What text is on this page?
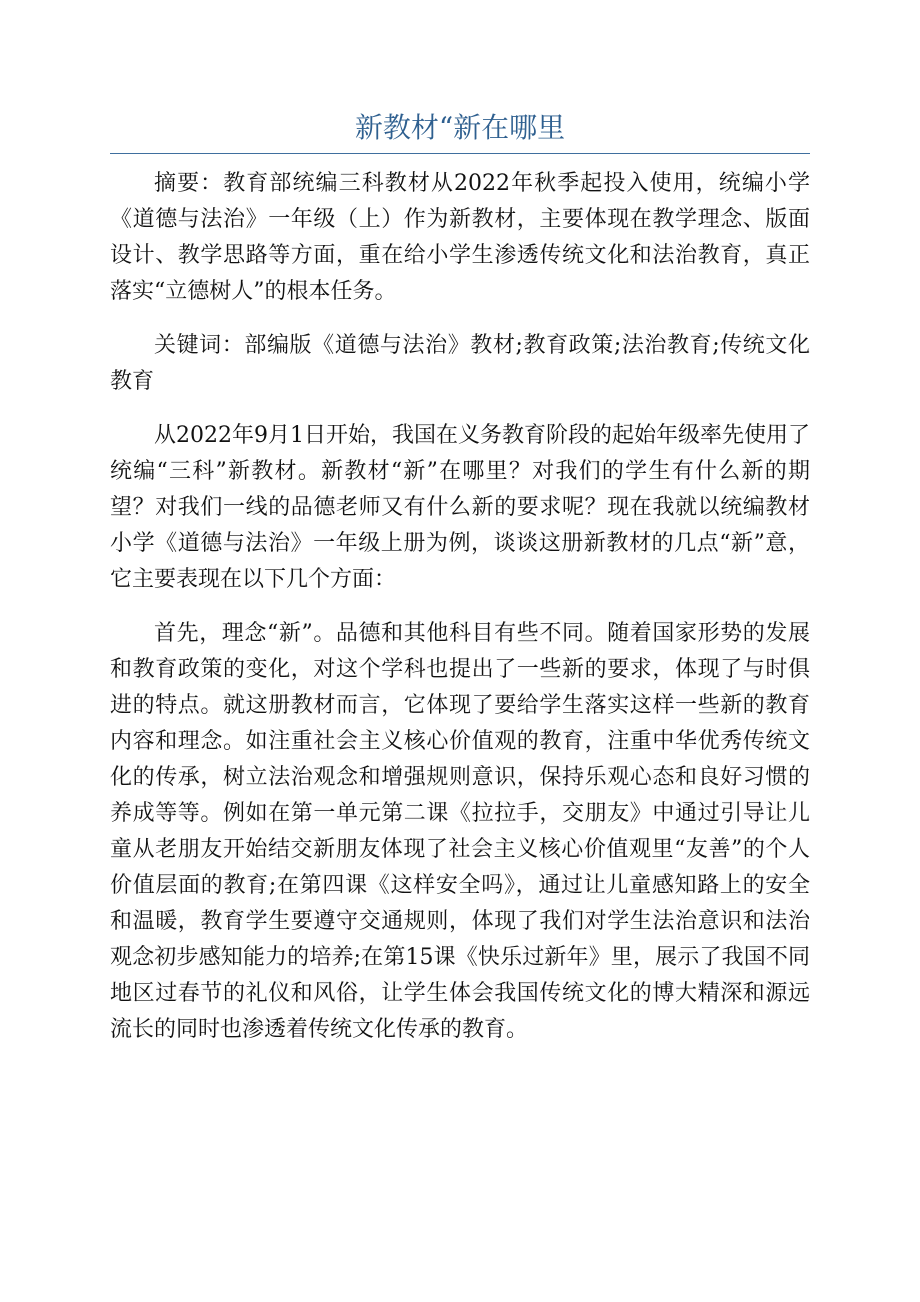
新教材“新在哪里

摘要：教育部统编三科教材从2022年秋季起投入使用，统编小学《道德与法治》一年级（上）作为新教材，主要体现在教学理念、版面设计、教学思路等方面，重在给小学生渗透传统文化和法治教育，真正落实“立德树人”的根本任务。

关键词：部编版《道德与法治》教材;教育政策;法治教育;传统文化教育

从2022年9月1日开始，我国在义务教育阶段的起始年级率先使用了统编“三科”新教材。新教材“新”在哪里？对我们的学生有什么新的期望？对我们一线的品德老师又有什么新的要求呢？现在我就以统编教材小学《道德与法治》一年级上册为例，谈谈这册新教材的几点“新”意，它主要表现在以下几个方面：

首先，理念“新”。品德和其他科目有些不同。随着国家形势的发展和教育政策的变化，对这个学科也提出了一些新的要求，体现了与时俱进的特点。就这册教材而言，它体现了要给学生落实这样一些新的教育内容和理念。如注重社会主义核心价值观的教育，注重中华优秀传统文化的传承，树立法治观念和增强规则意识，保持乐观心态和良好习惯的养成等等。例如在第一单元第二课《拉拉手，交朋友》中通过引导让儿童从老朋友开始结交新朋友体现了社会主义核心价值观里“友善”的个人价值层面的教育;在第四课《这样安全吗》，通过让儿童感知路上的安全和温暖，教育学生要遵守交通规则，体现了我们对学生法治意识和法治观念初步感知能力的培养;在第15课《快乐过新年》里，展示了我国不同地区过春节的礼仪和风俗，让学生体会我国传统文化的博大精深和源远流长的同时也渗透着传统文化传承的教育。
